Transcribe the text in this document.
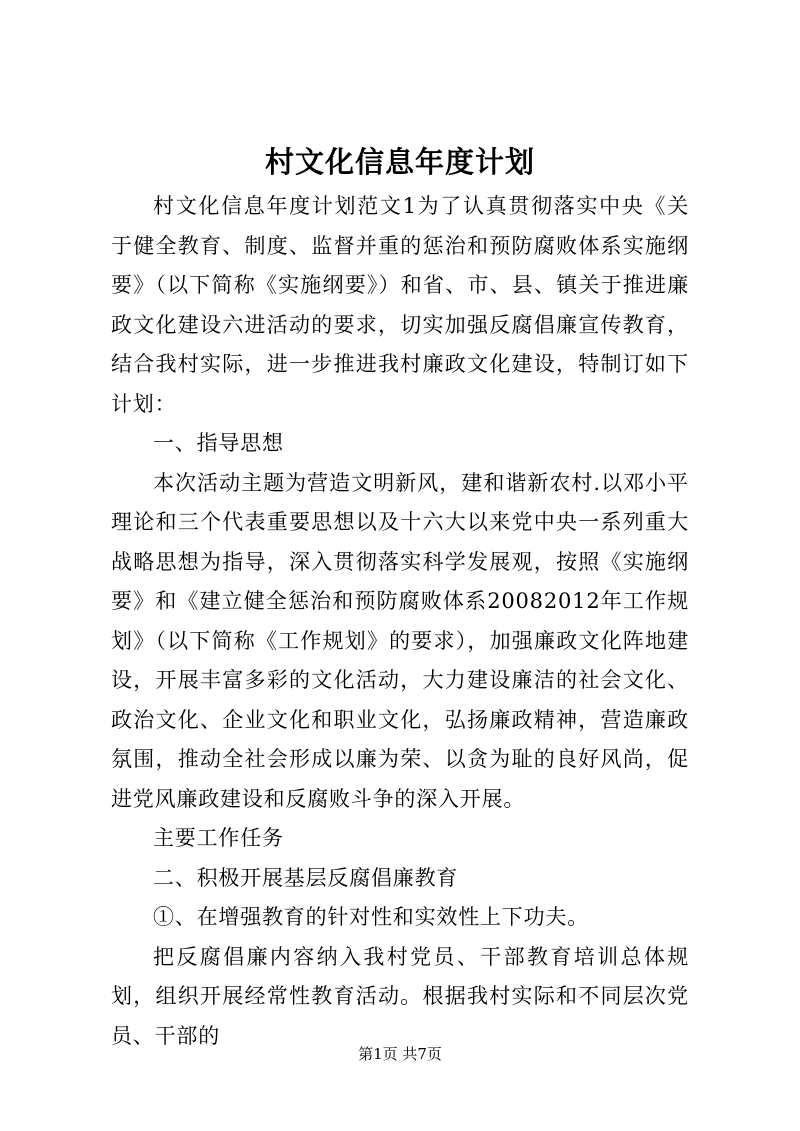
村文化信息年度计划

村文化信息年度计划范文1为了认真贯彻落实中央《关于健全教育、制度、监督并重的惩治和预防腐败体系实施纲要》（以下简称《实施纲要》）和省、市、县、镇关于推进廉政文化建设六进活动的要求，切实加强反腐倡廉宣传教育，结合我村实际，进一步推进我村廉政文化建设，特制订如下计划：

一、指导思想

本次活动主题为营造文明新风，建和谐新农村.以邓小平理论和三个代表重要思想以及十六大以来党中央一系列重大战略思想为指导，深入贯彻落实科学发展观，按照《实施纲要》和《建立健全惩治和预防腐败体系20082012年工作规划》（以下简称《工作规划》的要求），加强廉政文化阵地建设，开展丰富多彩的文化活动，大力建设廉洁的社会文化、政治文化、企业文化和职业文化，弘扬廉政精神，营造廉政氛围，推动全社会形成以廉为荣、以贪为耻的良好风尚，促进党风廉政建设和反腐败斗争的深入开展。

主要工作任务

二、积极开展基层反腐倡廉教育

①、在增强教育的针对性和实效性上下功夫。

把反腐倡廉内容纳入我村党员、干部教育培训总体规划，组织开展经常性教育活动。根据我村实际和不同层次党员、干部的

第1页 共7页
